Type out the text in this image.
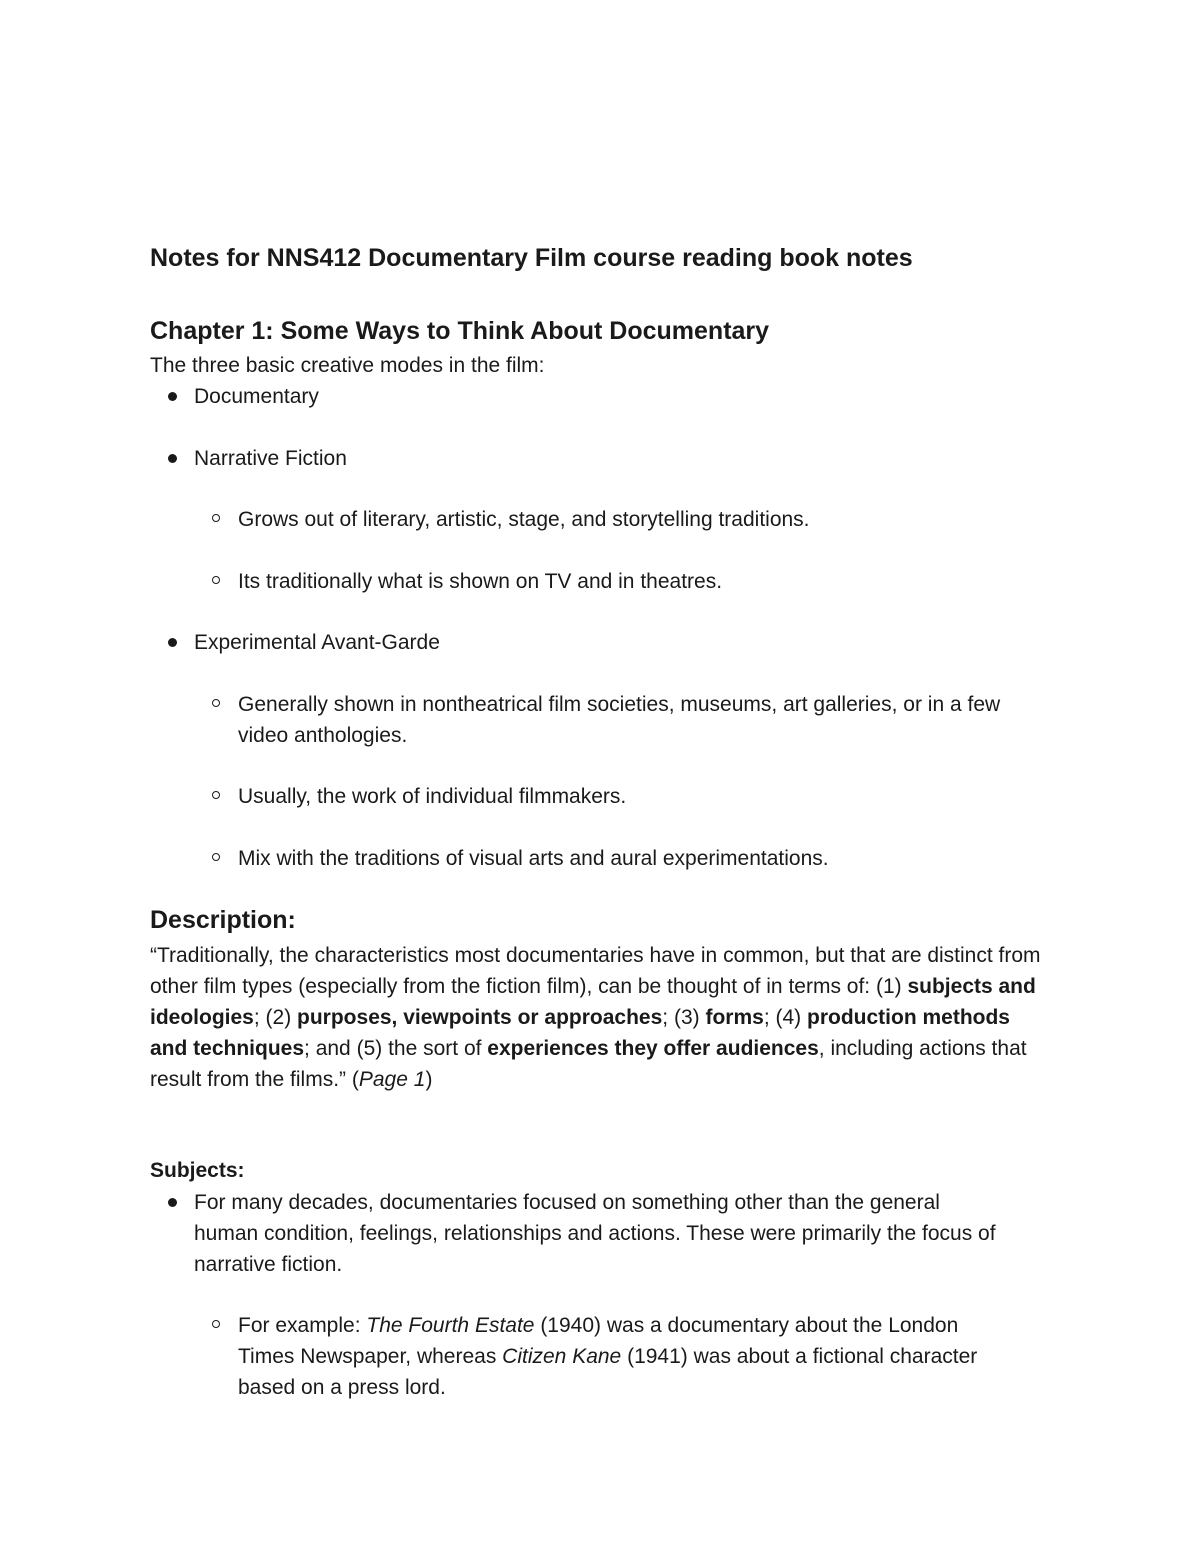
Notes for NNS412 Documentary Film course reading book notes
Chapter 1: Some Ways to Think About Documentary

The three basic creative modes in the film:

Documentary
Narrative Fiction
Grows out of literary, artistic, stage, and storytelling traditions.
Its traditionally what is shown on TV and in theatres.
Experimental Avant-Garde
Generally shown in nontheatrical film societies, museums, art galleries, or in a few video anthologies.
Usually, the work of individual filmmakers.
Mix with the traditions of visual arts and aural experimentations.
Description:

“Traditionally, the characteristics most documentaries have in common, but that are distinct from other film types (especially from the fiction film), can be thought of in terms of: (1) subjects and ideologies; (2) purposes, viewpoints or approaches; (3) forms; (4) production methods and techniques; and (5) the sort of experiences they offer audiences, including actions that result from the films.” (Page 1)

Subjects:
For many decades, documentaries focused on something other than the general human condition, feelings, relationships and actions. These were primarily the focus of narrative fiction.
For example: The Fourth Estate (1940) was a documentary about the London Times Newspaper, whereas Citizen Kane (1941) was about a fictional character based on a press lord.
